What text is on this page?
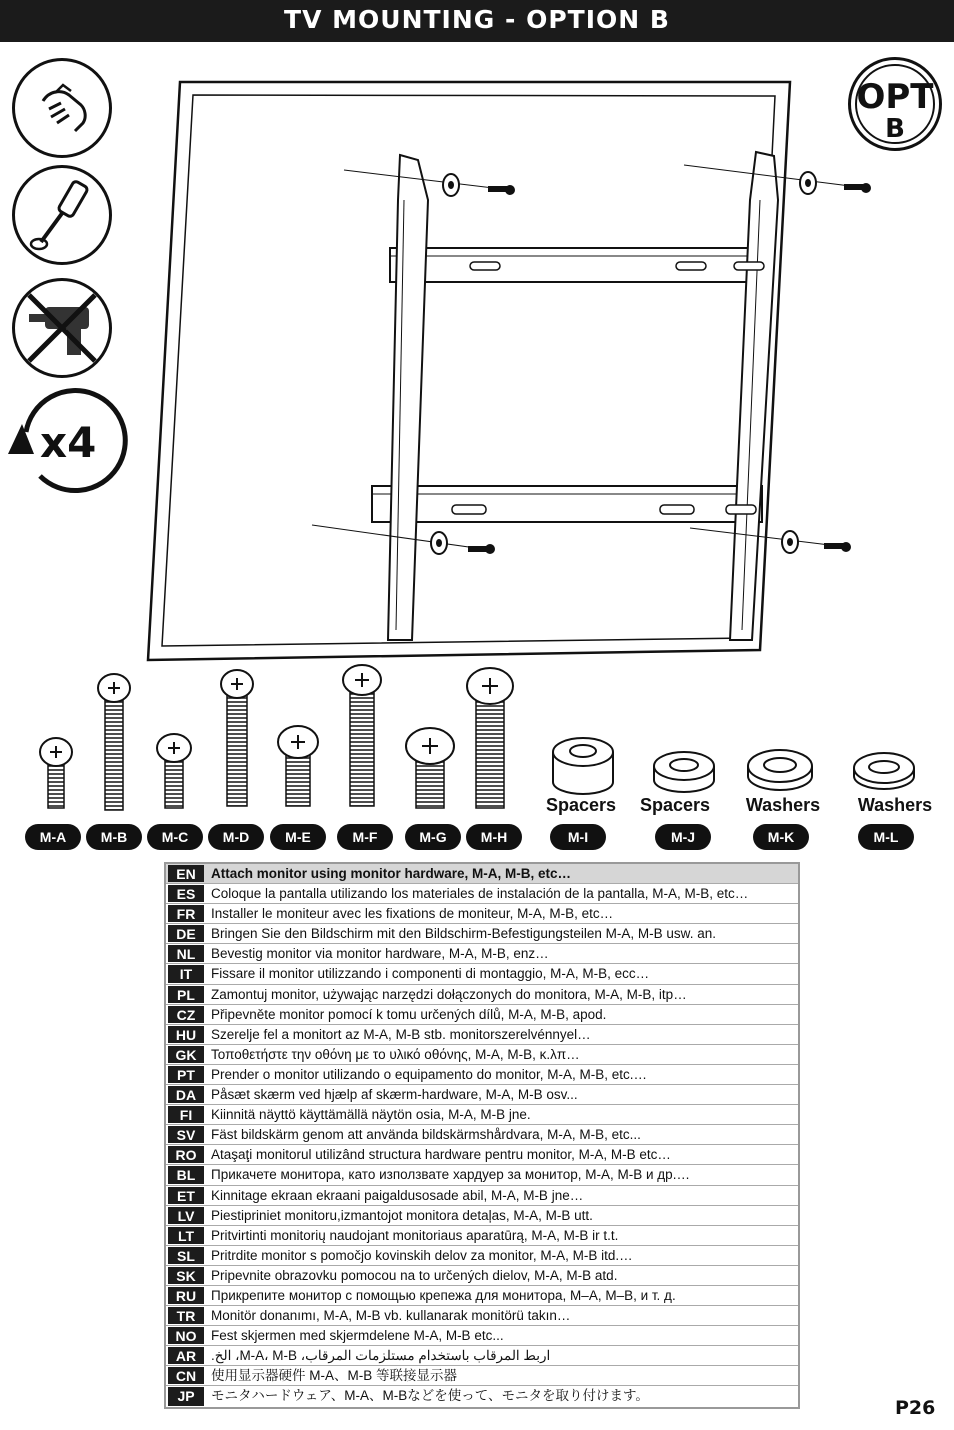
TV MOUNTING - OPTION B
x4
OPT
B
Spacers	Spacers	Washers	Washers
M-A	M-B	M-C	M-D	M-E	M-F	M-G	M-H	M-I	M-J	M-K	M-L
EN	Attach monitor using monitor hardware, M-A, M-B, etc…
ES	Coloque la pantalla utilizando los materiales de instalación de la pantalla, M-A, M-B, etc…
FR	Installer le moniteur avec les fixations de moniteur, M-A, M-B, etc…
DE	Bringen Sie den Bildschirm mit den Bildschirm-Befestigungsteilen M-A, M-B usw. an.
NL	Bevestig monitor via monitor hardware, M-A, M-B, enz…
IT	Fissare il monitor utilizzando i componenti di montaggio, M-A, M-B, ecc…
PL	Zamontuj monitor, używając narzędzi dołączonych do monitora, M-A, M-B, itp…
CZ	Připevněte monitor pomocí k tomu určených dílů, M-A, M-B, apod.
HU	Szerelje fel a monitort az M-A, M-B stb. monitorszerelvénnyel…
GK	Τοποθετήστε την οθόνη με το υλικό οθόνης, M-A, M-B, κ.λπ…
PT	Prender o monitor utilizando o equipamento do monitor, M-A, M-B, etc.…
DA	Påsæt skærm ved hjælp af skærm-hardware, M-A, M-B osv...
FI	Kiinnitä näyttö käyttämällä näytön osia, M-A, M-B jne.
SV	Fäst bildskärm genom att använda bildskärmshårdvara, M-A, M-B, etc...
RO	Ataşaţi monitorul utilizând structura hardware pentru monitor, M-A, M-B etc…
BL	Прикачете монитора, като използвате хардуер за монитор, M-A, M-B и др.…
ET	Kinnitage ekraan ekraani paigaldusosade abil, M-A, M-B jne…
LV	Piestipriniet monitoru,izmantojot monitora detaļas, M-A, M-B utt.
LT	Pritvirtinti monitorių naudojant monitoriaus aparatūrą, M-A, M-B ir t.t.
SL	Pritrdite monitor s pomočjo kovinskih delov za monitor, M-A, M-B itd.…
SK	Pripevnite obrazovku pomocou na to určených dielov, M-A, M-B atd.
RU	Прикрепите монитор с помощью крепежа для монитора, M–A, M–B, и т. д.
TR	Monitör donanımı, M-A, M-B vb. kullanarak monitörü takın…
NO	Fest skjermen med skjermdelene M-A, M-B etc...
AR	اربط المرقاب باستخدام مستلزمات المرقاب، M-A، M-B، الخ.
CN	使用显示器硬件 M-A、M-B 等联接显示器
JP	モニタハードウェア、M-A、M-Bなどを使って、モニタを取り付けます。
P26
